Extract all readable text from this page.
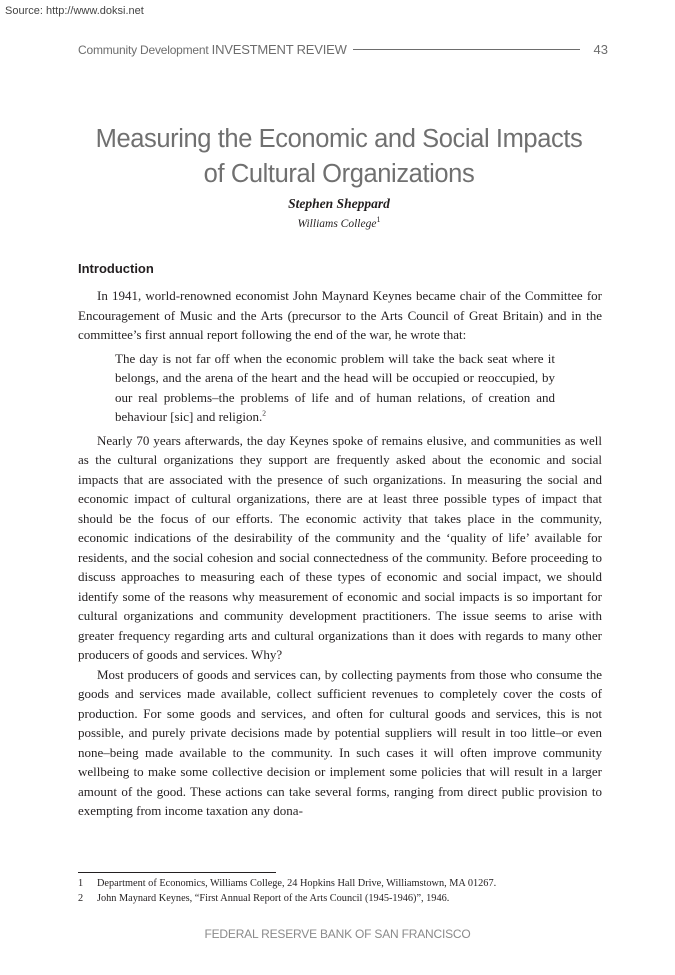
Source: http://www.doksi.net

Community Development INVESTMENT REVIEW	43
Measuring the Economic and Social Impacts
of Cultural Organizations

Stephen Sheppard

Williams College$^1$

Introduction

In 1941, world-renowned economist John Maynard Keynes became chair of the Committee for Encouragement of Music and the Arts (precursor to the Arts Council of Great Britain) and in the committee’s first annual report following the end of the war, he wrote that:

The day is not far off when the economic problem will take the back seat where it belongs, and the arena of the heart and the head will be occupied or reoccupied, by our real problems–the problems of life and of human relations, of creation and behaviour [sic] and religion.$^2$

Nearly 70 years afterwards, the day Keynes spoke of remains elusive, and communities as well as the cultural organizations they support are frequently asked about the economic and social impacts that are associated with the presence of such organizations. In measuring the social and economic impact of cultural organizations, there are at least three possible types of impact that should be the focus of our efforts. The economic activity that takes place in the community, economic indications of the desirability of the community and the ‘quality of life’ available for residents, and the social cohesion and social connectedness of the community. Before proceeding to discuss approaches to measuring each of these types of economic and social impact, we should identify some of the reasons why measurement of economic and social impacts is so important for cultural organizations and community development practitioners. The issue seems to arise with greater frequency regarding arts and cultural organizations than it does with regards to many other producers of goods and services. Why?

Most producers of goods and services can, by collecting payments from those who consume the goods and services made available, collect sufficient revenues to completely cover the costs of production. For some goods and services, and often for cultural goods and services, this is not possible, and purely private decisions made by potential suppliers will result in too little–or even none–being made available to the community. In such cases it will often improve community wellbeing to make some collective decision or implement some policies that will result in a larger amount of the good. These actions can take several forms, ranging from direct public provision to exempting from income taxation any dona-

1	Department of Economics, Williams College, 24 Hopkins Hall Drive, Williamstown, MA 01267.
2	John Maynard Keynes, “First Annual Report of the Arts Council (1945-1946)”, 1946.

FEDERAL RESERVE BANK OF SAN FRANCISCO
